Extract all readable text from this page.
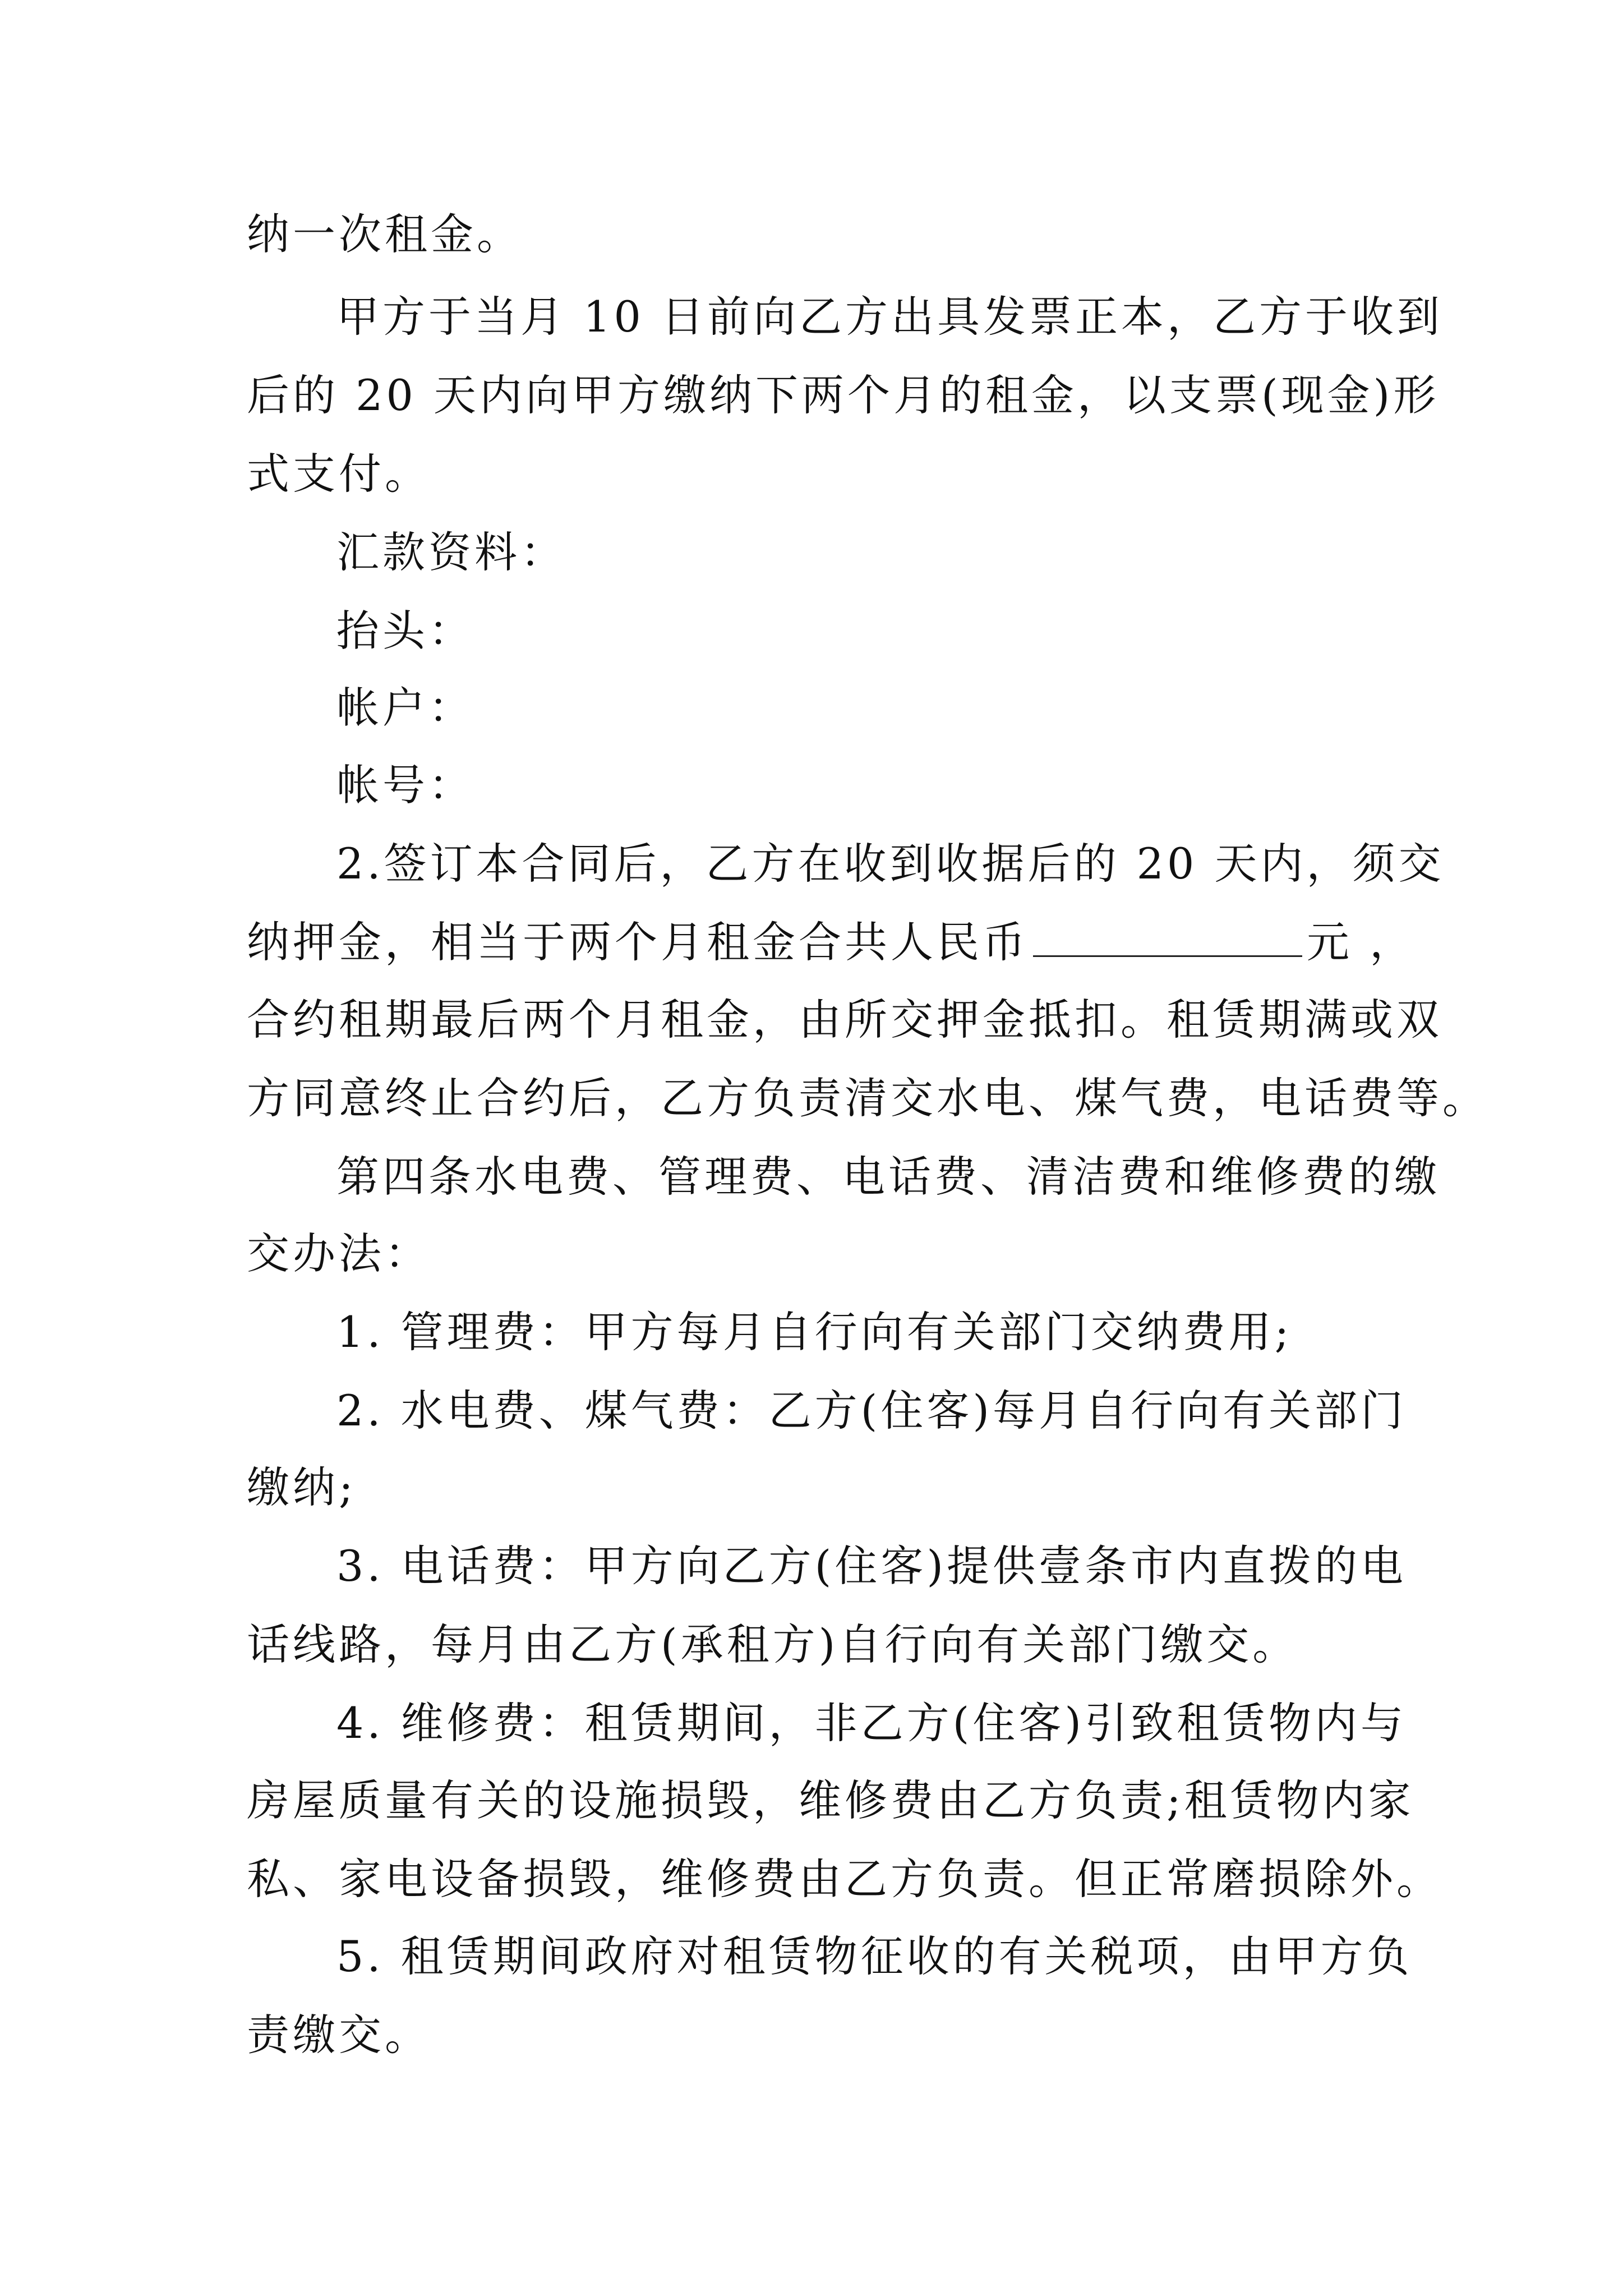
纳一次租金。
甲方于当月 10 日前向乙方出具发票正本，乙方于收到
后的 20 天内向甲方缴纳下两个月的租金，以支票(现金)形
式支付。
汇款资料：
抬头：
帐户：
帐号：
2.签订本合同后，乙方在收到收据后的 20 天内，须交
纳押金，相当于两个月租金合共人民币	元 ，
合约租期最后两个月租金，由所交押金抵扣。租赁期满或双
方同意终止合约后，乙方负责清交水电、煤气费，电话费等。
第四条水电费、管理费、电话费、清洁费和维修费的缴
交办法：
1. 管理费：甲方每月自行向有关部门交纳费用;
2. 水电费、煤气费：乙方(住客)每月自行向有关部门
缴纳;
3. 电话费：甲方向乙方(住客)提供壹条市内直拨的电
话线路，每月由乙方(承租方)自行向有关部门缴交。
4. 维修费：租赁期间，非乙方(住客)引致租赁物内与
房屋质量有关的设施损毁，维修费由乙方负责;租赁物内家
私、家电设备损毁，维修费由乙方负责。但正常磨损除外。
5. 租赁期间政府对租赁物征收的有关税项，由甲方负
责缴交。
